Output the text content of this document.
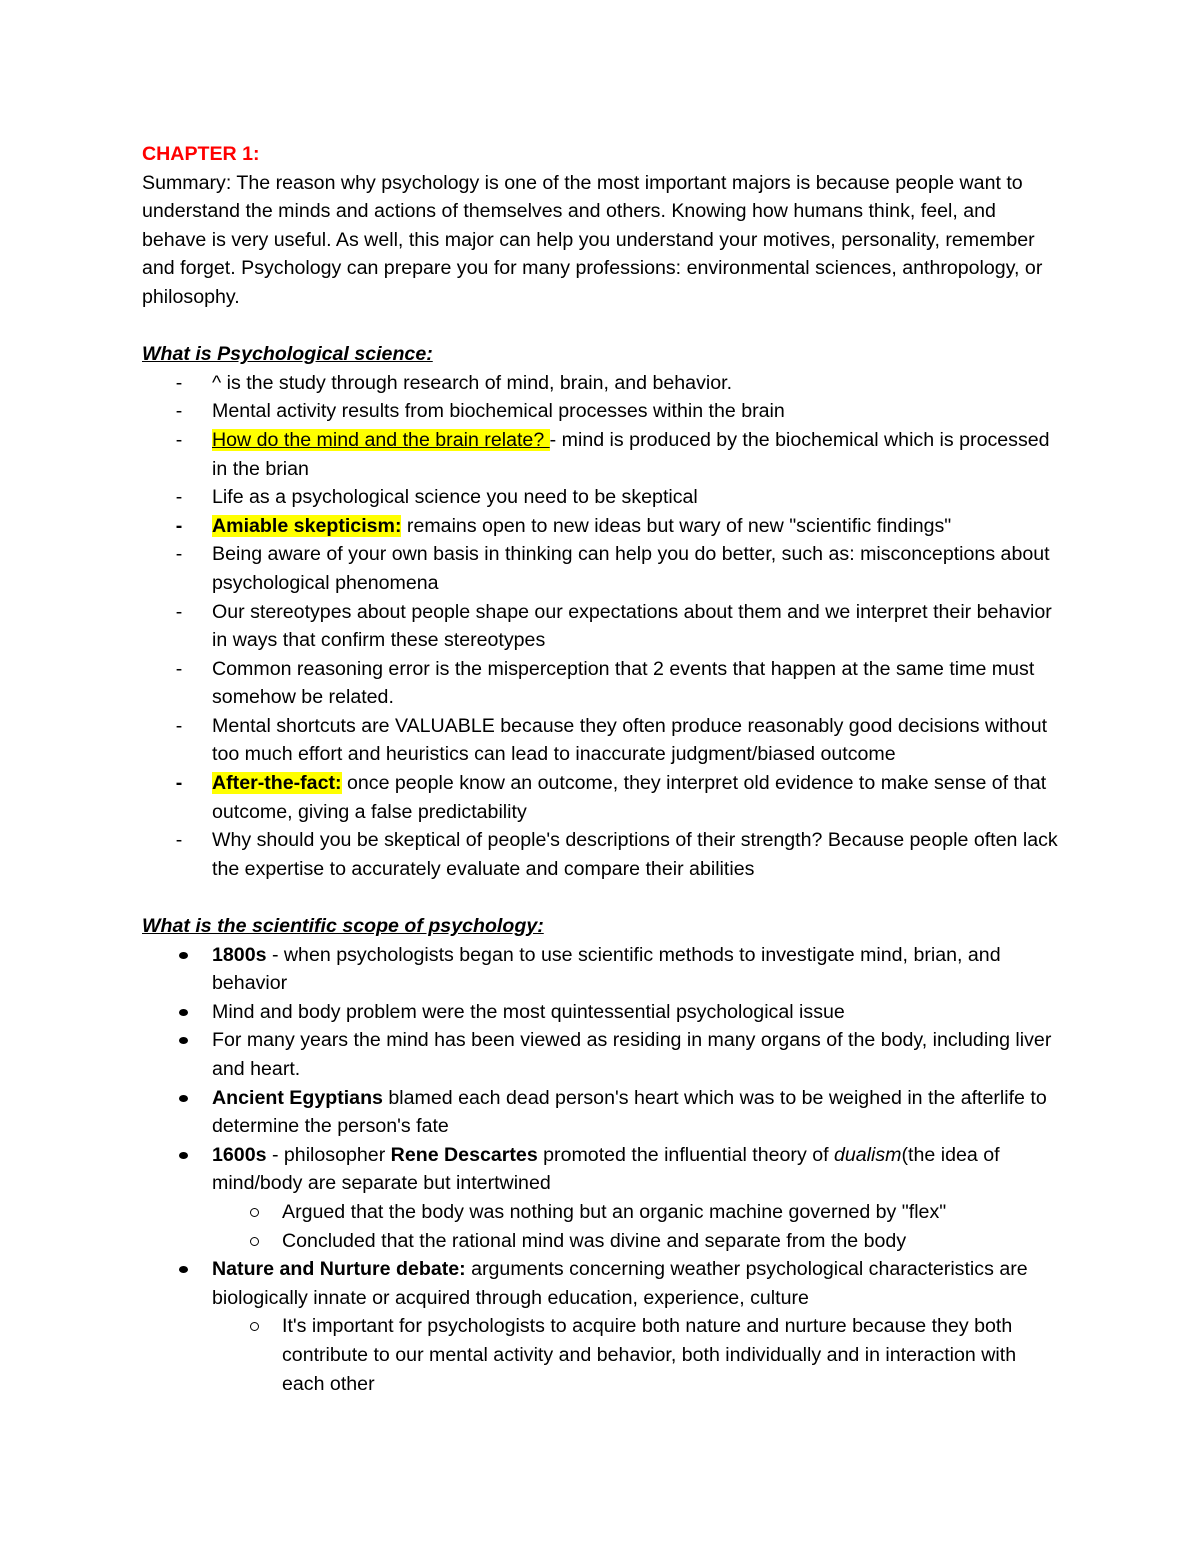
CHAPTER 1:
Summary: The reason why psychology is one of the most important majors is because people want to understand the minds and actions of themselves and others. Knowing how humans think, feel, and behave is very useful. As well, this major can help you understand your motives, personality, remember and forget. Psychology can prepare you for many professions: environmental sciences, anthropology, or philosophy.
What is Psychological science:
- ^ is the study through research of mind, brain, and behavior.
- Mental activity results from biochemical processes within the brain
- How do the mind and the brain relate? - mind is produced by the biochemical which is processed in the brian
- Life as a psychological science you need to be skeptical
- Amiable skepticism: remains open to new ideas but wary of new "scientific findings"
- Being aware of your own basis in thinking can help you do better, such as: misconceptions about psychological phenomena
- Our stereotypes about people shape our expectations about them and we interpret their behavior in ways that confirm these stereotypes
- Common reasoning error is the misperception that 2 events that happen at the same time must somehow be related.
- Mental shortcuts are VALUABLE because they often produce reasonably good decisions without too much effort and heuristics can lead to inaccurate judgment/biased outcome
- After-the-fact: once people know an outcome, they interpret old evidence to make sense of that outcome, giving a false predictability
- Why should you be skeptical of people's descriptions of their strength? Because people often lack the expertise to accurately evaluate and compare their abilities
What is the scientific scope of psychology:
1800s - when psychologists began to use scientific methods to investigate mind, brian, and behavior
Mind and body problem were the most quintessential psychological issue
For many years the mind has been viewed as residing in many organs of the body, including liver and heart.
Ancient Egyptians blamed each dead person's heart which was to be weighed in the afterlife to determine the person's fate
1600s - philosopher Rene Descartes promoted the influential theory of dualism(the idea of mind/body are separate but intertwined
Argued that the body was nothing but an organic machine governed by "flex"
Concluded that the rational mind was divine and separate from the body
Nature and Nurture debate: arguments concerning weather psychological characteristics are biologically innate or acquired through education, experience, culture
It's important for psychologists to acquire both nature and nurture because they both contribute to our mental activity and behavior, both individually and in interaction with each other
